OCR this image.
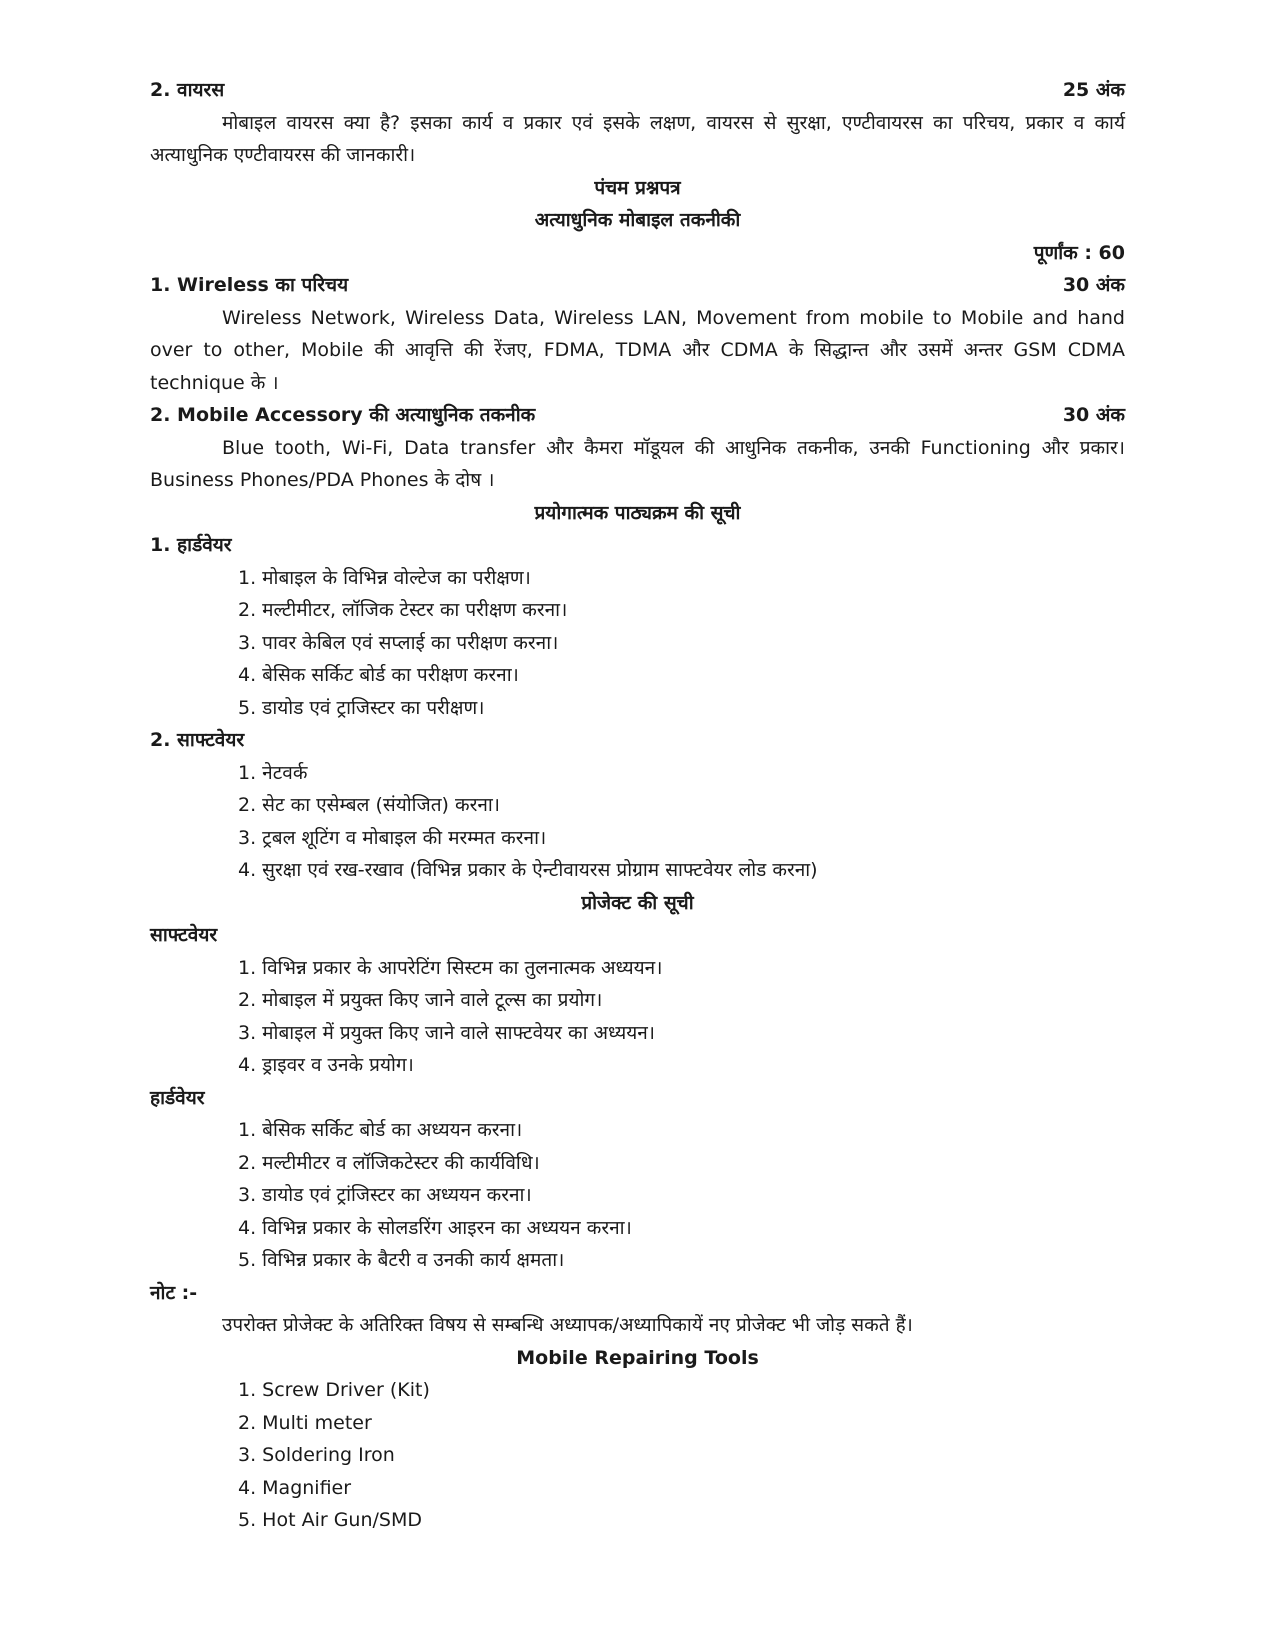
2. वायरस	25 अंक

मोबाइल वायरस क्या है? इसका कार्य व प्रकार एवं इसके लक्षण, वायरस से सुरक्षा, एण्टीवायरस का परिचय, प्रकार व कार्य अत्याधुनिक एण्टीवायरस की जानकारी।

पंचम प्रश्नपत्र
अत्याधुनिक मोबाइल तकनीकी
पूर्णांक : 60
1. Wireless का परिचय	30 अंक

Wireless Network, Wireless Data, Wireless LAN, Movement from mobile to Mobile and hand over to other, Mobile की आवृत्ति की रेंजए, FDMA, TDMA और CDMA के सिद्धान्त और उसमें अन्तर GSM CDMA technique के ।

2. Mobile Accessory की अत्याधुनिक तकनीक	30 अंक

Blue tooth, Wi-Fi, Data transfer और कैमरा मॉडूयल की आधुनिक तकनीक, उनकी Functioning और प्रकार। Business Phones/PDA Phones के दोष ।

प्रयोगात्मक पाठ्यक्रम की सूची
1. हार्डवेयर
1. मोबाइल के विभिन्न वोल्टेज का परीक्षण।
2. मल्टीमीटर, लॉजिक टेस्टर का परीक्षण करना।
3. पावर केबिल एवं सप्लाई का परीक्षण करना।
4. बेसिक सर्किट बोर्ड का परीक्षण करना।
5. डायोड एवं ट्राजिस्टर का परीक्षण।
2. साफ्टवेयर
1. नेटवर्क
2. सेट का एसेम्बल (संयोजित) करना।
3. ट्रबल शूटिंग व मोबाइल की मरम्मत करना।
4. सुरक्षा एवं रख-रखाव (विभिन्न प्रकार के ऐन्टीवायरस प्रोग्राम साफ्टवेयर लोड करना)
प्रोजेक्ट की सूची
साफ्टवेयर
1. विभिन्न प्रकार के आपरेटिंग सिस्टम का तुलनात्मक अध्ययन।
2. मोबाइल में प्रयुक्त किए जाने वाले टूल्स का प्रयोग।
3. मोबाइल में प्रयुक्त किए जाने वाले साफ्टवेयर का अध्ययन।
4. ड्राइवर व उनके प्रयोग।
हार्डवेयर
1. बेसिक सर्किट बोर्ड का अध्ययन करना।
2. मल्टीमीटर व लॉजिकटेस्टर की कार्यविधि।
3. डायोड एवं ट्रांजिस्टर का अध्ययन करना।
4. विभिन्न प्रकार के सोलडरिंग आइरन का अध्ययन करना।
5. विभिन्न प्रकार के बैटरी व उनकी कार्य क्षमता।
नोट :-

उपरोक्त प्रोजेक्ट के अतिरिक्त विषय से सम्बन्धि अध्यापक/अध्यापिकायें नए प्रोजेक्ट भी जोड़ सकते हैं।

Mobile Repairing Tools
1. Screw Driver (Kit)
2. Multi meter
3. Soldering Iron
4. Magnifier
5. Hot Air Gun/SMD
